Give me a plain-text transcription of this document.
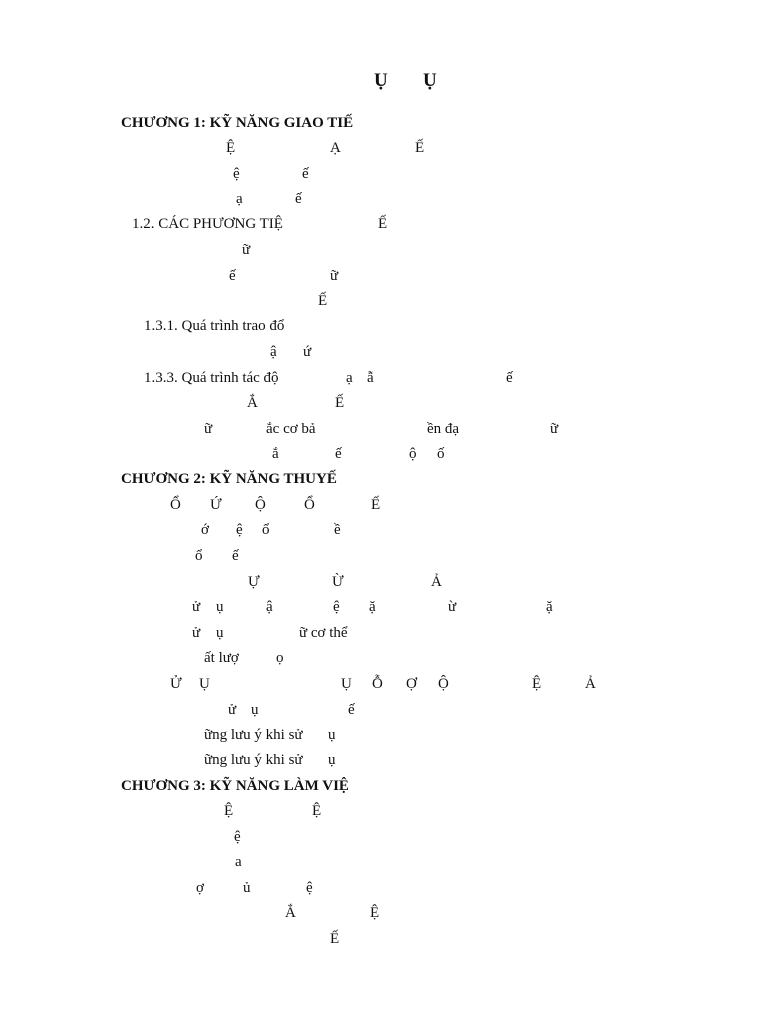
Ụ Ụ
CHƯƠNG 1: KỸ NĂNG GIAO TIẾ
Ệ	Ạ	Ế
ệ	ế
ạ	ế
1.2. CÁC PHƯƠNG TIỆ	Ế
ữ
ế	ữ
Ế
1.3.1. Quá trình trao đổ
ậ ứ
1.3.3. Quá trình tác độ	ạ ẫ	ế
Ắ	Ế
ữ	ắc cơ bả	ền đạ	ữ
ắ	ế	ộ ố
CHƯƠNG 2: KỸ NĂNG THUYẾ
Ổ Ứ Ộ	Ổ	Ế
ớ ệ ổ	ề
ổ ế
Ự	Ừ	Ả
ử ụ	ậ	ệ ặ	ừ	ặ
ử ụ	ữ cơ thể
ất lượ ọ
Ử Ụ	Ụ Ỗ Ợ Ộ	Ệ	Ả
ử ụ	ế
ững lưu ý khi sử ụ
ững lưu ý khi sử ụ
CHƯƠNG 3: KỸ NĂNG LÀM VIỆ
Ệ	Ệ
ệ
a
ợ	ủ	ệ
Ắ	Ệ
Ế
